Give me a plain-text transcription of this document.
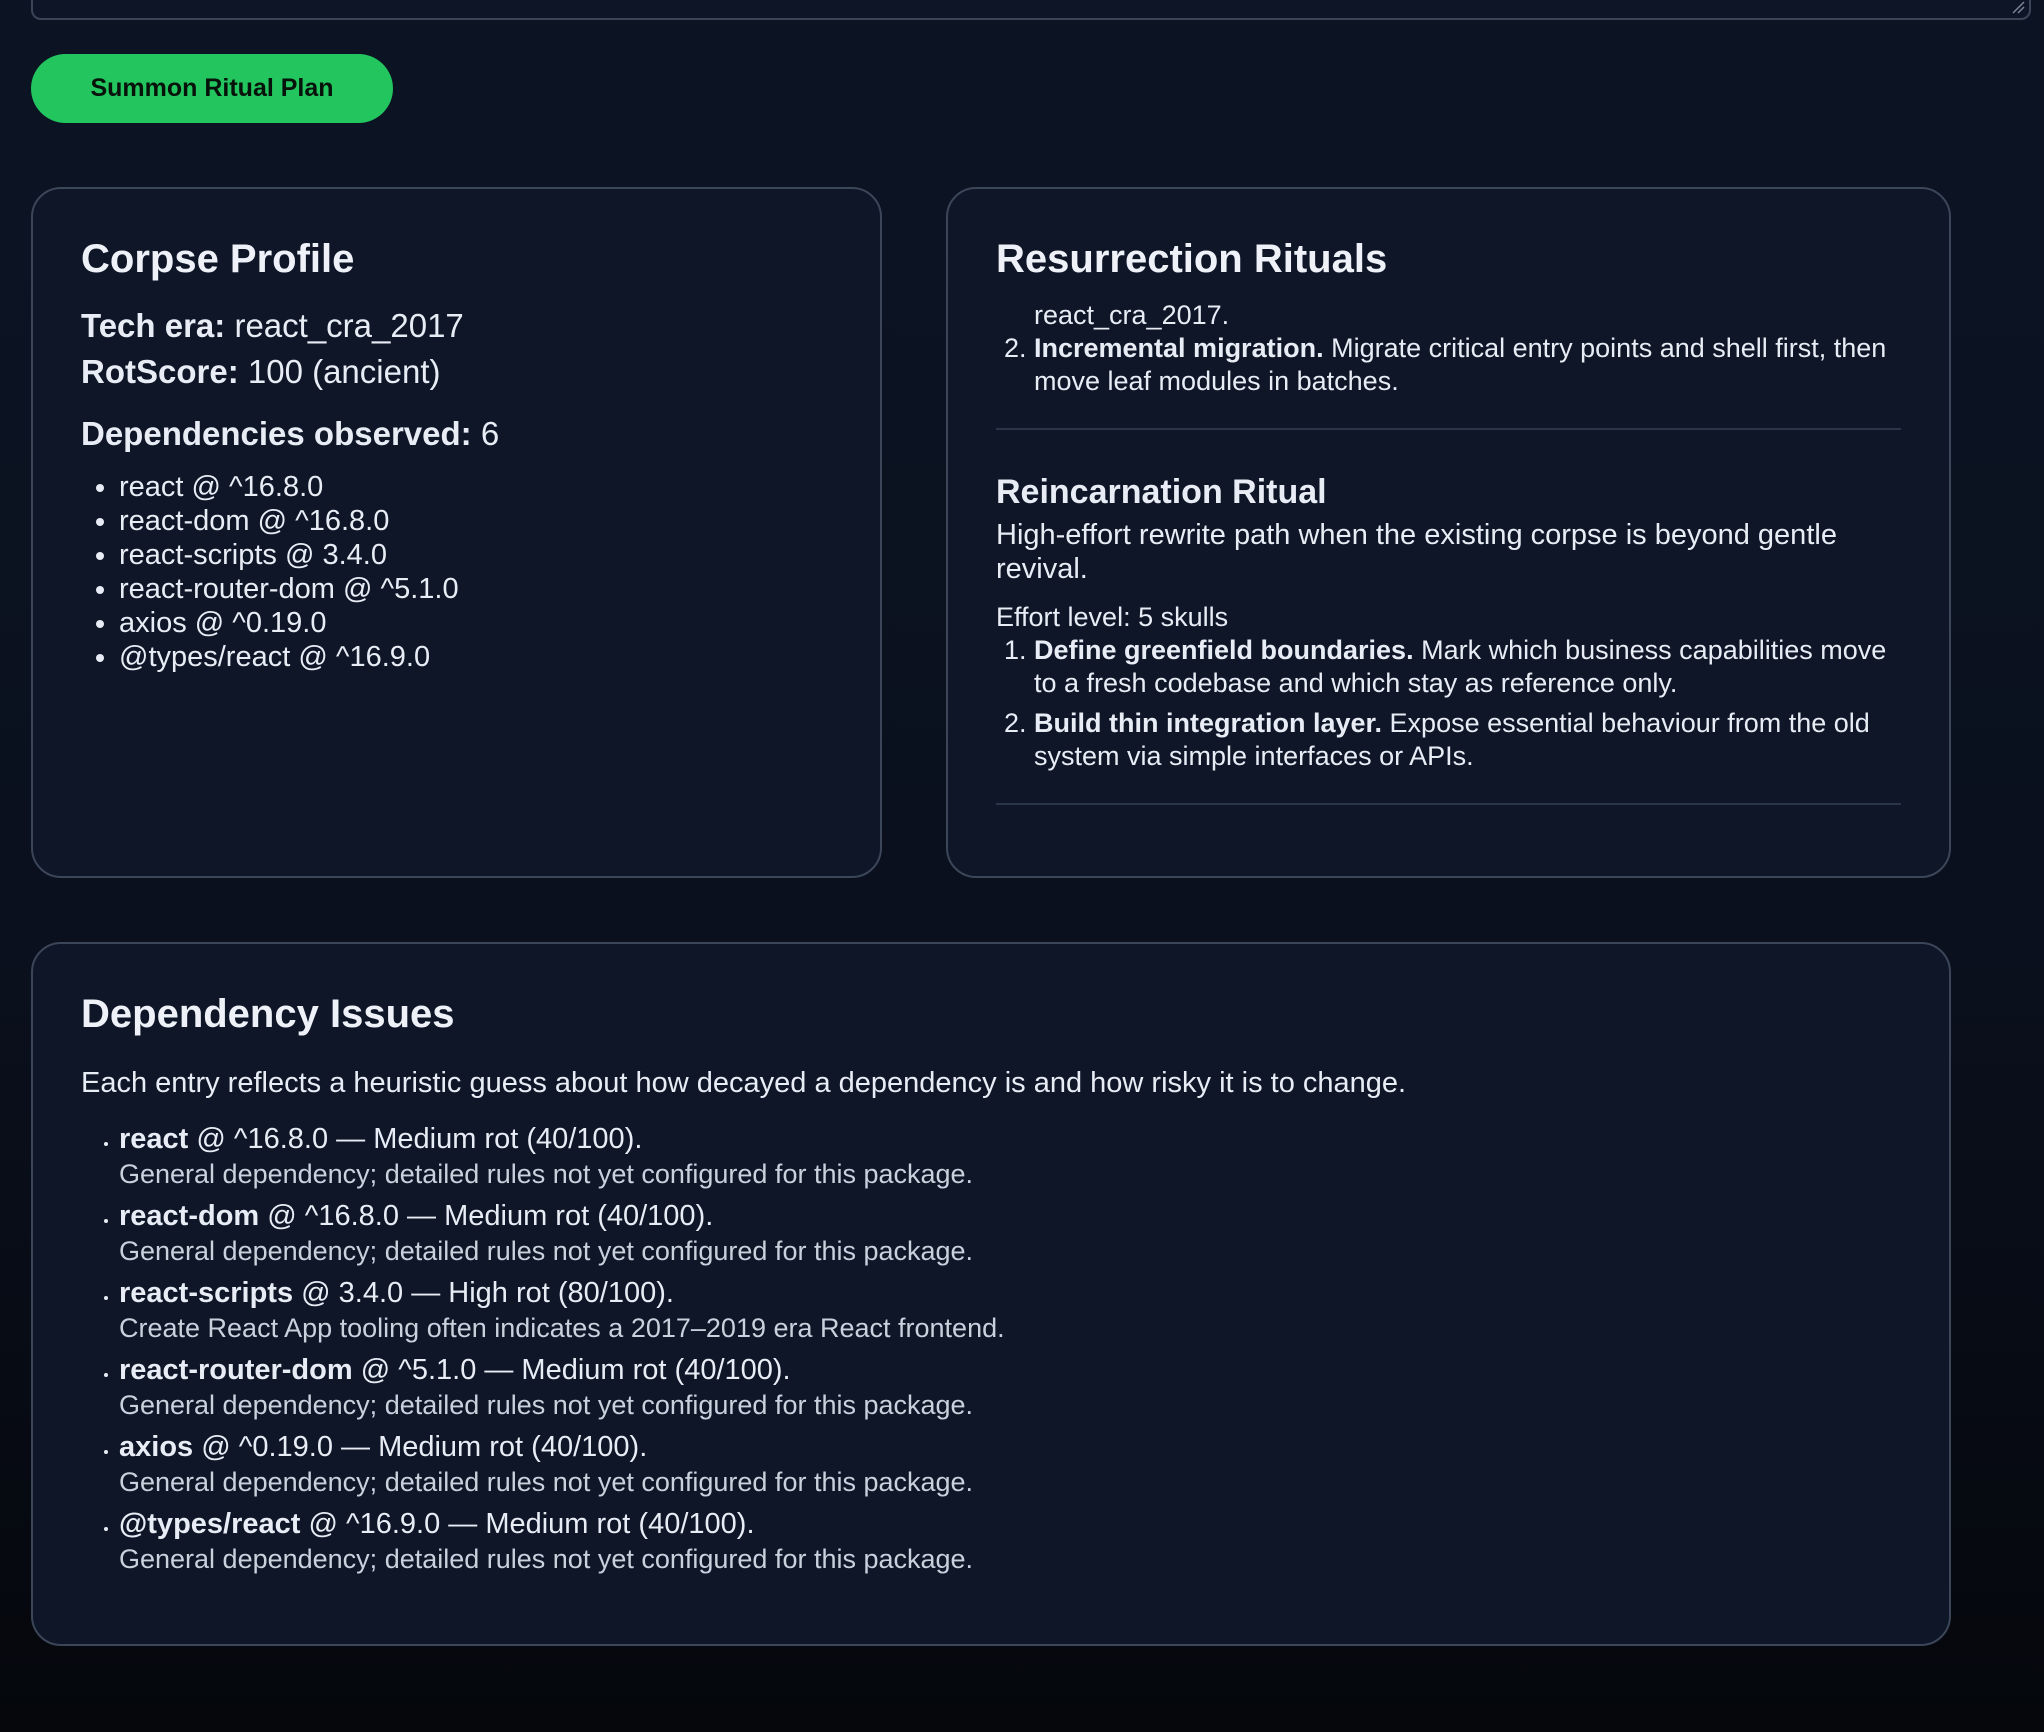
Summon Ritual Plan
Corpse Profile
Tech era: react_cra_2017
RotScore: 100 (ancient)
Dependencies observed: 6
• react @ ^16.8.0
• react-dom @ ^16.8.0
• react-scripts @ 3.4.0
• react-router-dom @ ^5.1.0
• axios @ ^0.19.0
• @types/react @ ^16.9.0
Resurrection Rituals
react_cra_2017.
2. Incremental migration. Migrate critical entry points and shell first, then move leaf modules in batches.
Reincarnation Ritual
High-effort rewrite path when the existing corpse is beyond gentle revival.
Effort level: 5 skulls
1. Define greenfield boundaries. Mark which business capabilities move to a fresh codebase and which stay as reference only.
2. Build thin integration layer. Expose essential behaviour from the old system via simple interfaces or APIs.
Dependency Issues
Each entry reflects a heuristic guess about how decayed a dependency is and how risky it is to change.
• react @ ^16.8.0 — Medium rot (40/100).
General dependency; detailed rules not yet configured for this package.
• react-dom @ ^16.8.0 — Medium rot (40/100).
General dependency; detailed rules not yet configured for this package.
• react-scripts @ 3.4.0 — High rot (80/100).
Create React App tooling often indicates a 2017–2019 era React frontend.
• react-router-dom @ ^5.1.0 — Medium rot (40/100).
General dependency; detailed rules not yet configured for this package.
• axios @ ^0.19.0 — Medium rot (40/100).
General dependency; detailed rules not yet configured for this package.
• @types/react @ ^16.9.0 — Medium rot (40/100).
General dependency; detailed rules not yet configured for this package.
